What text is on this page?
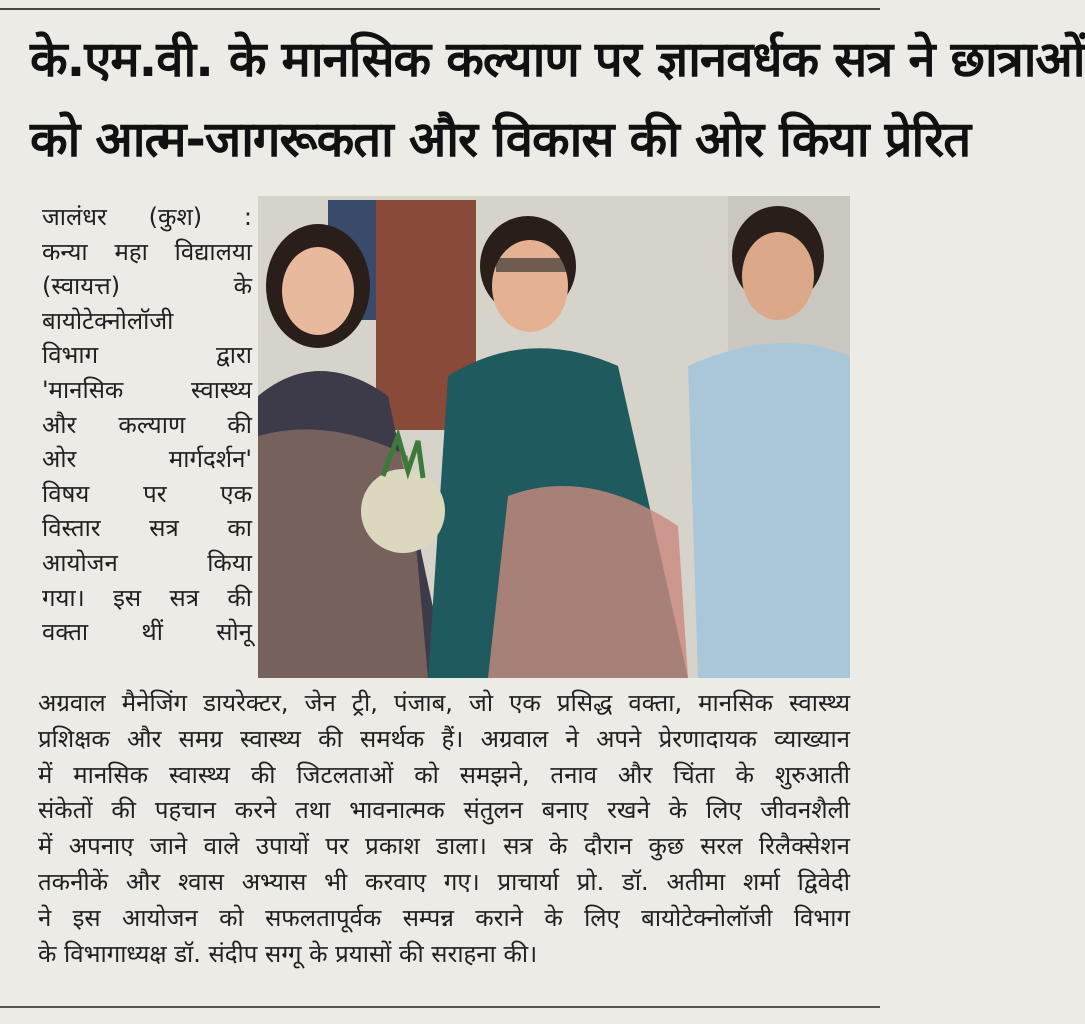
के.एम.वी. के मानसिक कल्याण पर ज्ञानवर्धक सत्र ने छात्राओं
को आत्म-जागरूकता और विकास की ओर किया प्रेरित
जालंधर (कुश) :
कन्या महा विद्यालया
(स्वायत्त) के
बायोटेक्नोलॉजी
विभाग द्वारा
'मानसिक स्वास्थ्य
और कल्याण की
ओर मार्गदर्शन'
विषय पर एक
विस्तार सत्र का
आयोजन किया
गया। इस सत्र की
वक्ता थीं सोनू
अग्रवाल मैनेजिंग डायरेक्टर, जेन ट्री, पंजाब, जो एक प्रसिद्ध वक्ता, मानसिक स्वास्थ्य
प्रशिक्षक और समग्र स्वास्थ्य की समर्थक हैं। अग्रवाल ने अपने प्रेरणादायक व्याख्यान
में मानसिक स्वास्थ्य की जिटलताओं को समझने, तनाव और चिंता के शुरुआती
संकेतों की पहचान करने तथा भावनात्मक संतुलन बनाए रखने के लिए जीवनशैली
में अपनाए जाने वाले उपायों पर प्रकाश डाला। सत्र के दौरान कुछ सरल रिलैक्सेशन
तकनीकें और श्वास अभ्यास भी करवाए गए। प्राचार्या प्रो. डॉ. अतीमा शर्मा द्विवेदी
ने इस आयोजन को सफलतापूर्वक सम्पन्न कराने के लिए बायोटेक्नोलॉजी विभाग
के विभागाध्यक्ष डॉ. संदीप सग्गू के प्रयासों की सराहना की।
